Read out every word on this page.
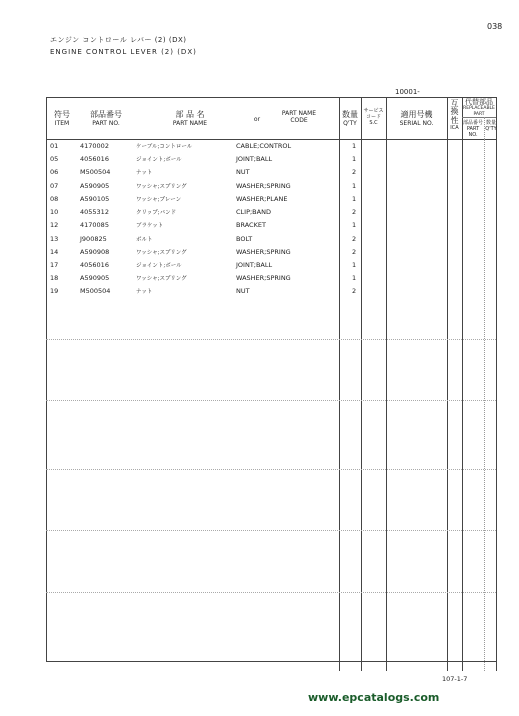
038
エンジン コントロール レバー (2) (DX)
ENGINE CONTROL LEVER (2) (DX)
10001-
符号
ITEM
部品番号
PART NO.
部 品 名
PART NAME
or
PART NAME
CODE
数量
Q'TY
サービス
コード
S.C
適用号機
SERIAL NO.
互換性
ICA
代替部品
REPLACEABLE
PART
部品番号
PART NO.
数量
Q'TY
01	4170002	ケーブル;コントロール	CABLE;CONTROL	1
05	4056016	ジョイント;ボール	JOINT;BALL	1
06	M500504	ナット	NUT	2
07	A590905	ワッシャ;スプリング	WASHER;SPRING	1
08	A590105	ワッシャ;プレーン	WASHER;PLANE	1
10	4055312	クリップ;バンド	CLIP;BAND	2
12	4170085	ブラケット	BRACKET	1
13	J900825	ボルト	BOLT	2
14	A590908	ワッシャ;スプリング	WASHER;SPRING	2
17	4056016	ジョイント;ボール	JOINT;BALL	1
18	A590905	ワッシャ;スプリング	WASHER;SPRING	1
19	M500504	ナット	NUT	2
107-1-7
www.epcatalogs.com
